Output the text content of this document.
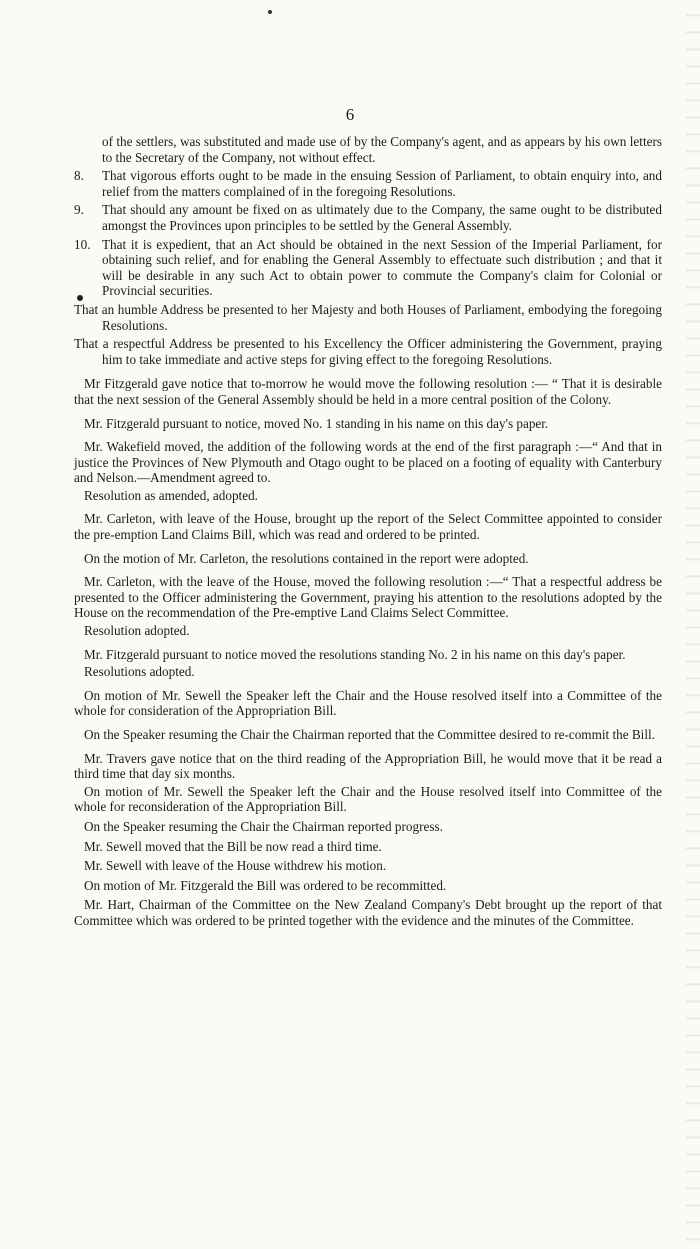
6
of the settlers, was substituted and made use of by the Company's agent, and as appears by his own letters to the Secretary of the Company, not without effect.
8. That vigorous efforts ought to be made in the ensuing Session of Parliament, to obtain enquiry into, and relief from the matters complained of in the foregoing Resolutions.
9. That should any amount be fixed on as ultimately due to the Company, the same ought to be distributed amongst the Provinces upon principles to be settled by the General Assembly.
10. That it is expedient, that an Act should be obtained in the next Session of the Imperial Parliament, for obtaining such relief, and for enabling the General Assembly to effectuate such distribution ; and that it will be desirable in any such Act to obtain power to commute the Company's claim for Colonial or Provincial securities.
That an humble Address be presented to her Majesty and both Houses of Parliament, embodying the foregoing Resolutions.
That a respectful Address be presented to his Excellency the Officer administering the Government, praying him to take immediate and active steps for giving effect to the foregoing Resolutions.

Mr Fitzgerald gave notice that to-morrow he would move the following resolution :— “ That it is desirable that the next session of the General Assembly should be held in a more central position of the Colony.

Mr. Fitzgerald pursuant to notice, moved No. 1 standing in his name on this day's paper.

Mr. Wakefield moved, the addition of the following words at the end of the first paragraph :—“ And that in justice the Provinces of New Plymouth and Otago ought to be placed on a footing of equality with Canterbury and Nelson.—Amendment agreed to.

Resolution as amended, adopted.

Mr. Carleton, with leave of the House, brought up the report of the Select Committee appointed to consider the pre-emption Land Claims Bill, which was read and ordered to be printed.

On the motion of Mr. Carleton, the resolutions contained in the report were adopted.

Mr. Carleton, with the leave of the House, moved the following resolution :—“ That a respectful address be presented to the Officer administering the Government, praying his attention to the resolutions adopted by the House on the recommendation of the Pre-emptive Land Claims Select Committee.

Resolution adopted.

Mr. Fitzgerald pursuant to notice moved the resolutions standing No. 2 in his name on this day's paper.

Resolutions adopted.

On motion of Mr. Sewell the Speaker left the Chair and the House resolved itself into a Committee of the whole for consideration of the Appropriation Bill.

On the Speaker resuming the Chair the Chairman reported that the Committee desired to re-commit the Bill.

Mr. Travers gave notice that on the third reading of the Appropriation Bill, he would move that it be read a third time that day six months.

On motion of Mr. Sewell the Speaker left the Chair and the House resolved itself into Committee of the whole for reconsideration of the Appropriation Bill.

On the Speaker resuming the Chair the Chairman reported progress.

Mr. Sewell moved that the Bill be now read a third time.

Mr. Sewell with leave of the House withdrew his motion.

On motion of Mr. Fitzgerald the Bill was ordered to be recommitted.

Mr. Hart, Chairman of the Committee on the New Zealand Company's Debt brought up the report of that Committee which was ordered to be printed together with the evidence and the minutes of the Committee.
